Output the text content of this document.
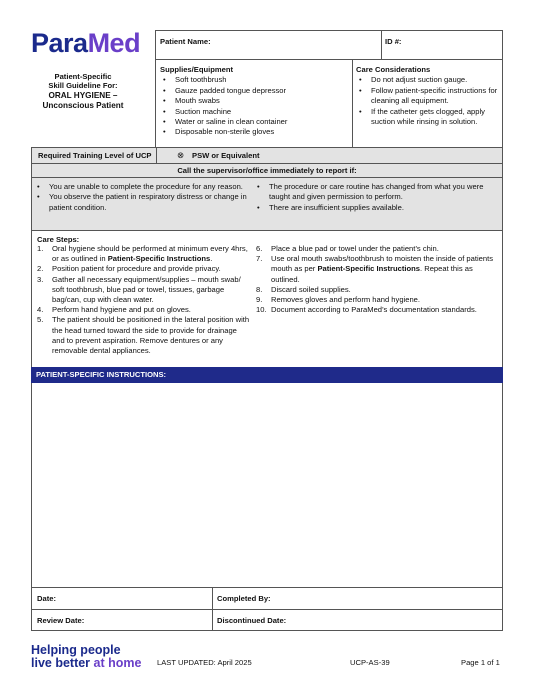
ParaMed
Patient-Specific
Skill Guideline For:
ORAL HYGIENE –
Unconscious Patient
Patient Name:	ID #:
Supplies/Equipment
• Soft toothbrush
• Gauze padded tongue depressor
• Mouth swabs
• Suction machine
• Water or saline in clean container
• Disposable non-sterile gloves
Care Considerations
• Do not adjust suction gauge.
• Follow patient-specific instructions for cleaning all equipment.
• If the catheter gets clogged, apply suction while rinsing in solution.
Required Training Level of UCP	⊗ PSW or Equivalent
Call the supervisor/office immediately to report if:
• You are unable to complete the procedure for any reason.
• You observe the patient in respiratory distress or change in patient condition.
• The procedure or care routine has changed from what you were taught and given permission to perform.
• There are insufficient supplies available.
Care Steps:
1. Oral hygiene should be performed at minimum every 4hrs, or as outlined in Patient-Specific Instructions.
2. Position patient for procedure and provide privacy.
3. Gather all necessary equipment/supplies – mouth swab/ soft toothbrush, blue pad or towel, tissues, garbage bag/can, cup with clean water.
4. Perform hand hygiene and put on gloves.
5. The patient should be positioned in the lateral position with the head turned toward the side to provide for drainage and to prevent aspiration. Remove dentures or any removable dental appliances.
6. Place a blue pad or towel under the patient’s chin.
7. Use oral mouth swabs/toothbrush to moisten the inside of patients mouth as per Patient-Specific Instructions. Repeat this as outlined.
8. Discard soiled supplies.
9. Removes gloves and perform hand hygiene.
10. Document according to ParaMed’s documentation standards.
PATIENT-SPECIFIC INSTRUCTIONS:
Date:	Completed By:
Review Date:	Discontinued Date:
Helping people
live better at home LAST UPDATED: April 2025	UCP-AS-39	Page 1 of 1
